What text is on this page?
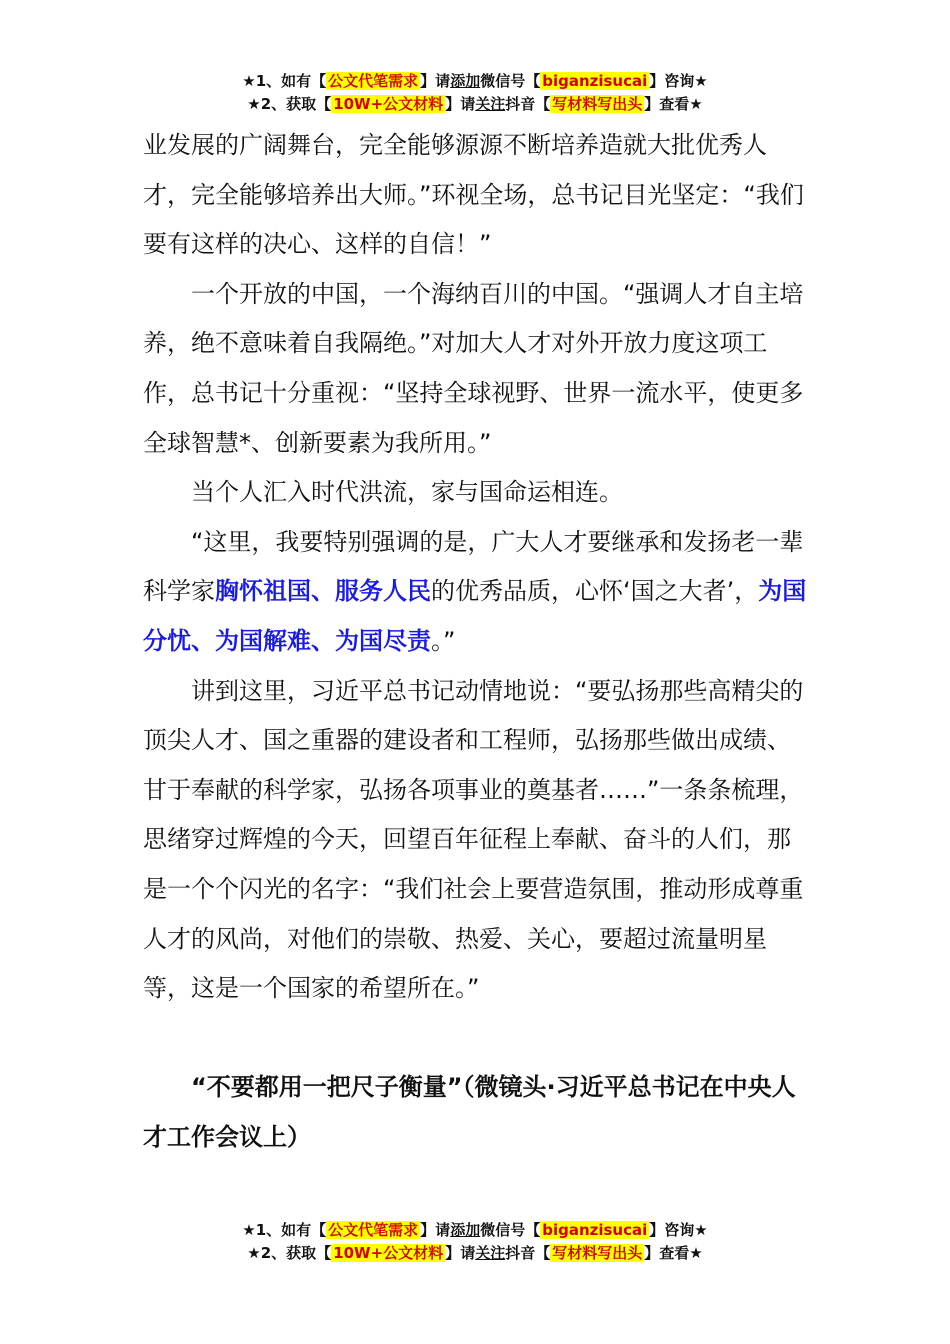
★1、如有【 公文代笔需求 】请添加微信号【 biganzisucai 】咨询★
★2、获取【 10W+公文材料 】请关注抖音【 写材料写出头 】查看★

业发展的广阔舞台，完全能够源源不断培养造就大批优秀人才，完全能够培养出大师。”环视全场，总书记目光坚定：“我们要有这样的决心、这样的自信！”

一个开放的中国，一个海纳百川的中国。“强调人才自主培养，绝不意味着自我隔绝。”对加大人才对外开放力度这项工作，总书记十分重视：“坚持全球视野、世界一流水平，使更多全球智慧*、创新要素为我所用。”

当个人汇入时代洪流，家与国命运相连。

“这里，我要特别强调的是，广大人才要继承和发扬老一辈科学家胸怀祖国、服务人民的优秀品质，心怀‘国之大者’，为国分忧、为国解难、为国尽责。”

讲到这里，习近平总书记动情地说：“要弘扬那些高精尖的顶尖人才、国之重器的建设者和工程师，弘扬那些做出成绩、甘于奉献的科学家，弘扬各项事业的奠基者……”一条条梳理，思绪穿过辉煌的今天，回望百年征程上奉献、奋斗的人们，那是一个个闪光的名字：“我们社会上要营造氛围，推动形成尊重人才的风尚，对他们的崇敬、热爱、关心，要超过流量明星等，这是一个国家的希望所在。”

“不要都用一把尺子衡量”（微镜头·习近平总书记在中央人才工作会议上）

★1、如有【 公文代笔需求 】请添加微信号【 biganzisucai 】咨询★
★2、获取【 10W+公文材料 】请关注抖音【 写材料写出头 】查看★
